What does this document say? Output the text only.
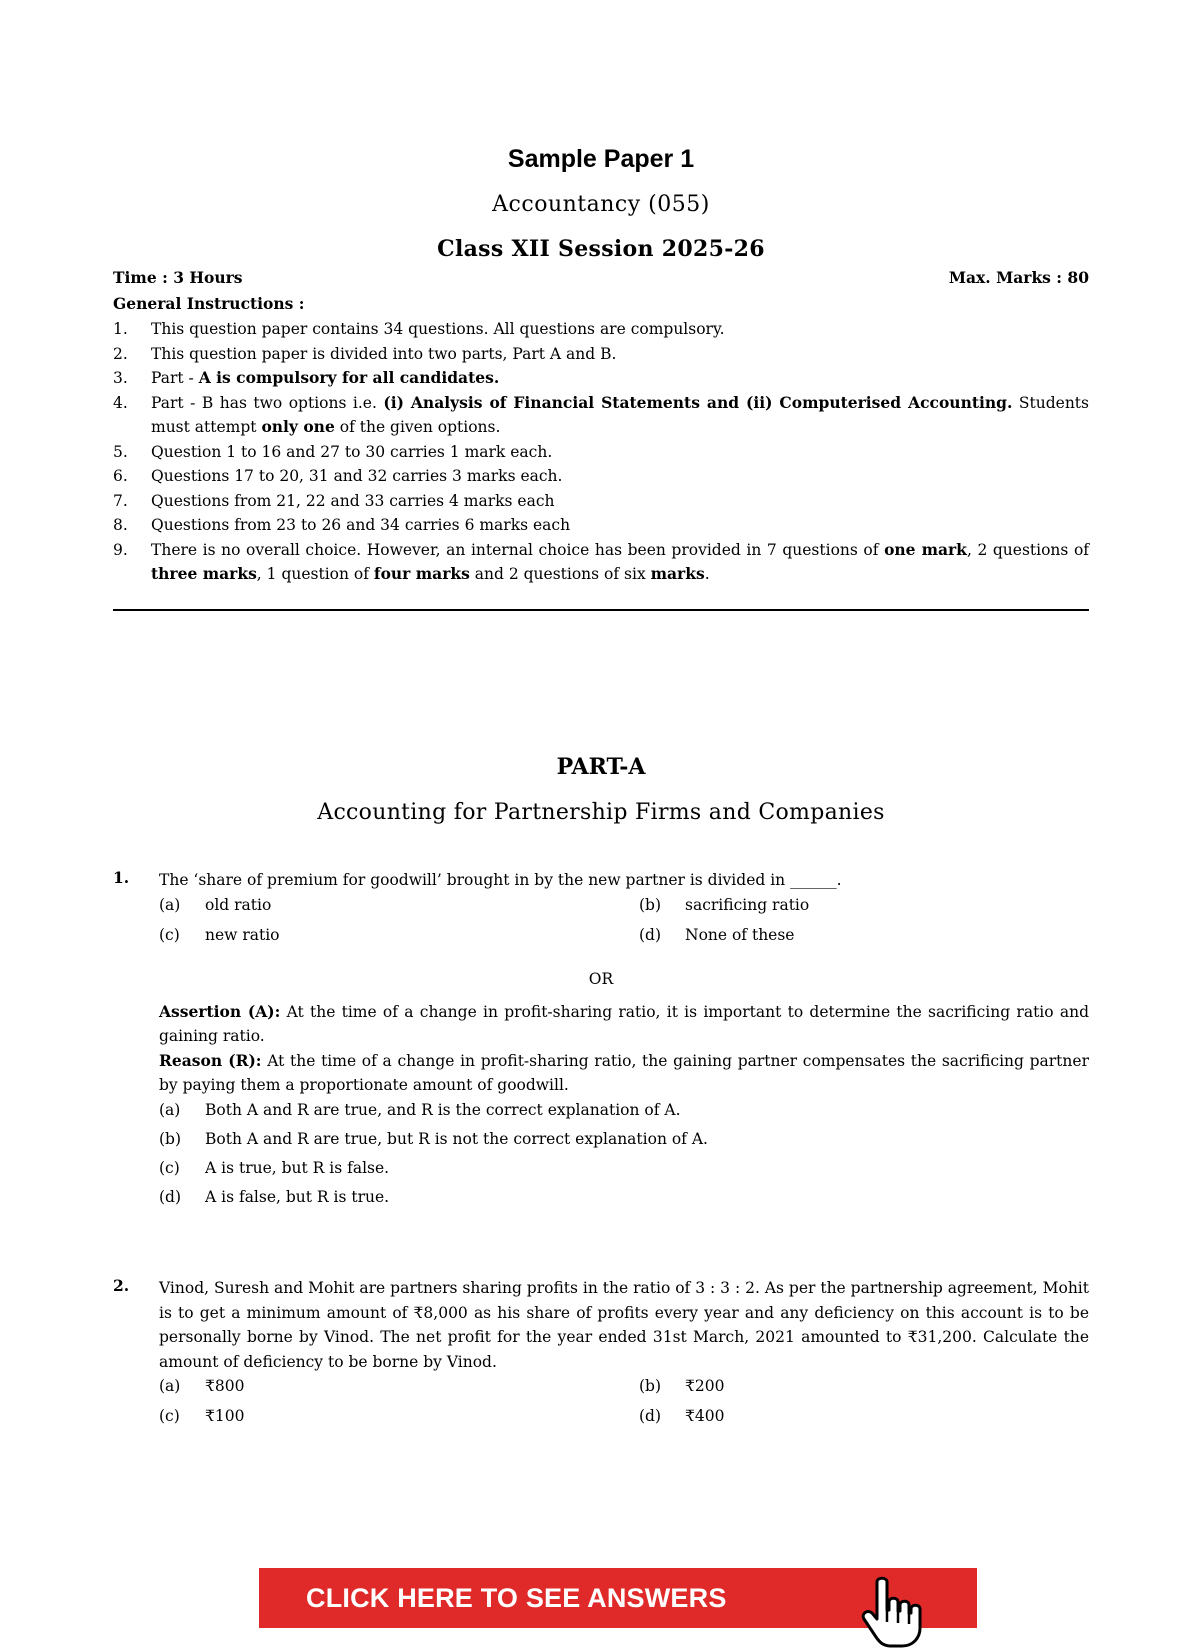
Sample Paper 1
Accountancy (055)
Class XII Session 2025-26
Time : 3 Hours	Max. Marks : 80
General Instructions :
1.	This question paper contains 34 questions. All questions are compulsory.
2.	This question paper is divided into two parts, Part A and B.
3.	Part - A is compulsory for all candidates.
4.	Part - B has two options i.e. (i) Analysis of Financial Statements and (ii) Computerised Accounting. Students must attempt only one of the given options.
5.	Question 1 to 16 and 27 to 30 carries 1 mark each.
6.	Questions 17 to 20, 31 and 32 carries 3 marks each.
7.	Questions from 21, 22 and 33 carries 4 marks each
8.	Questions from 23 to 26 and 34 carries 6 marks each
9.	There is no overall choice. However, an internal choice has been provided in 7 questions of one mark, 2 questions of three marks, 1 question of four marks and 2 questions of six marks.
PART-A
Accounting for Partnership Firms and Companies
1. The ‘share of premium for goodwill’ brought in by the new partner is divided in ______.
(a)	old ratio	(b)	sacrificing ratio
(c)	new ratio	(d)	None of these
OR
Assertion (A): At the time of a change in profit-sharing ratio, it is important to determine the sacrificing ratio and gaining ratio.
Reason (R): At the time of a change in profit-sharing ratio, the gaining partner compensates the sacrificing partner by paying them a proportionate amount of goodwill.
(a)	Both A and R are true, and R is the correct explanation of A.
(b)	Both A and R are true, but R is not the correct explanation of A.
(c)	A is true, but R is false.
(d)	A is false, but R is true.
2. Vinod, Suresh and Mohit are partners sharing profits in the ratio of 3 : 3 : 2. As per the partnership agreement, Mohit is to get a minimum amount of ₹8,000 as his share of profits every year and any deficiency on this account is to be personally borne by Vinod. The net profit for the year ended 31st March, 2021 amounted to ₹31,200. Calculate the amount of deficiency to be borne by Vinod.
(a)	₹800	(b)	₹200
(c)	₹100	(d)	₹400
CLICK HERE TO SEE ANSWERS
